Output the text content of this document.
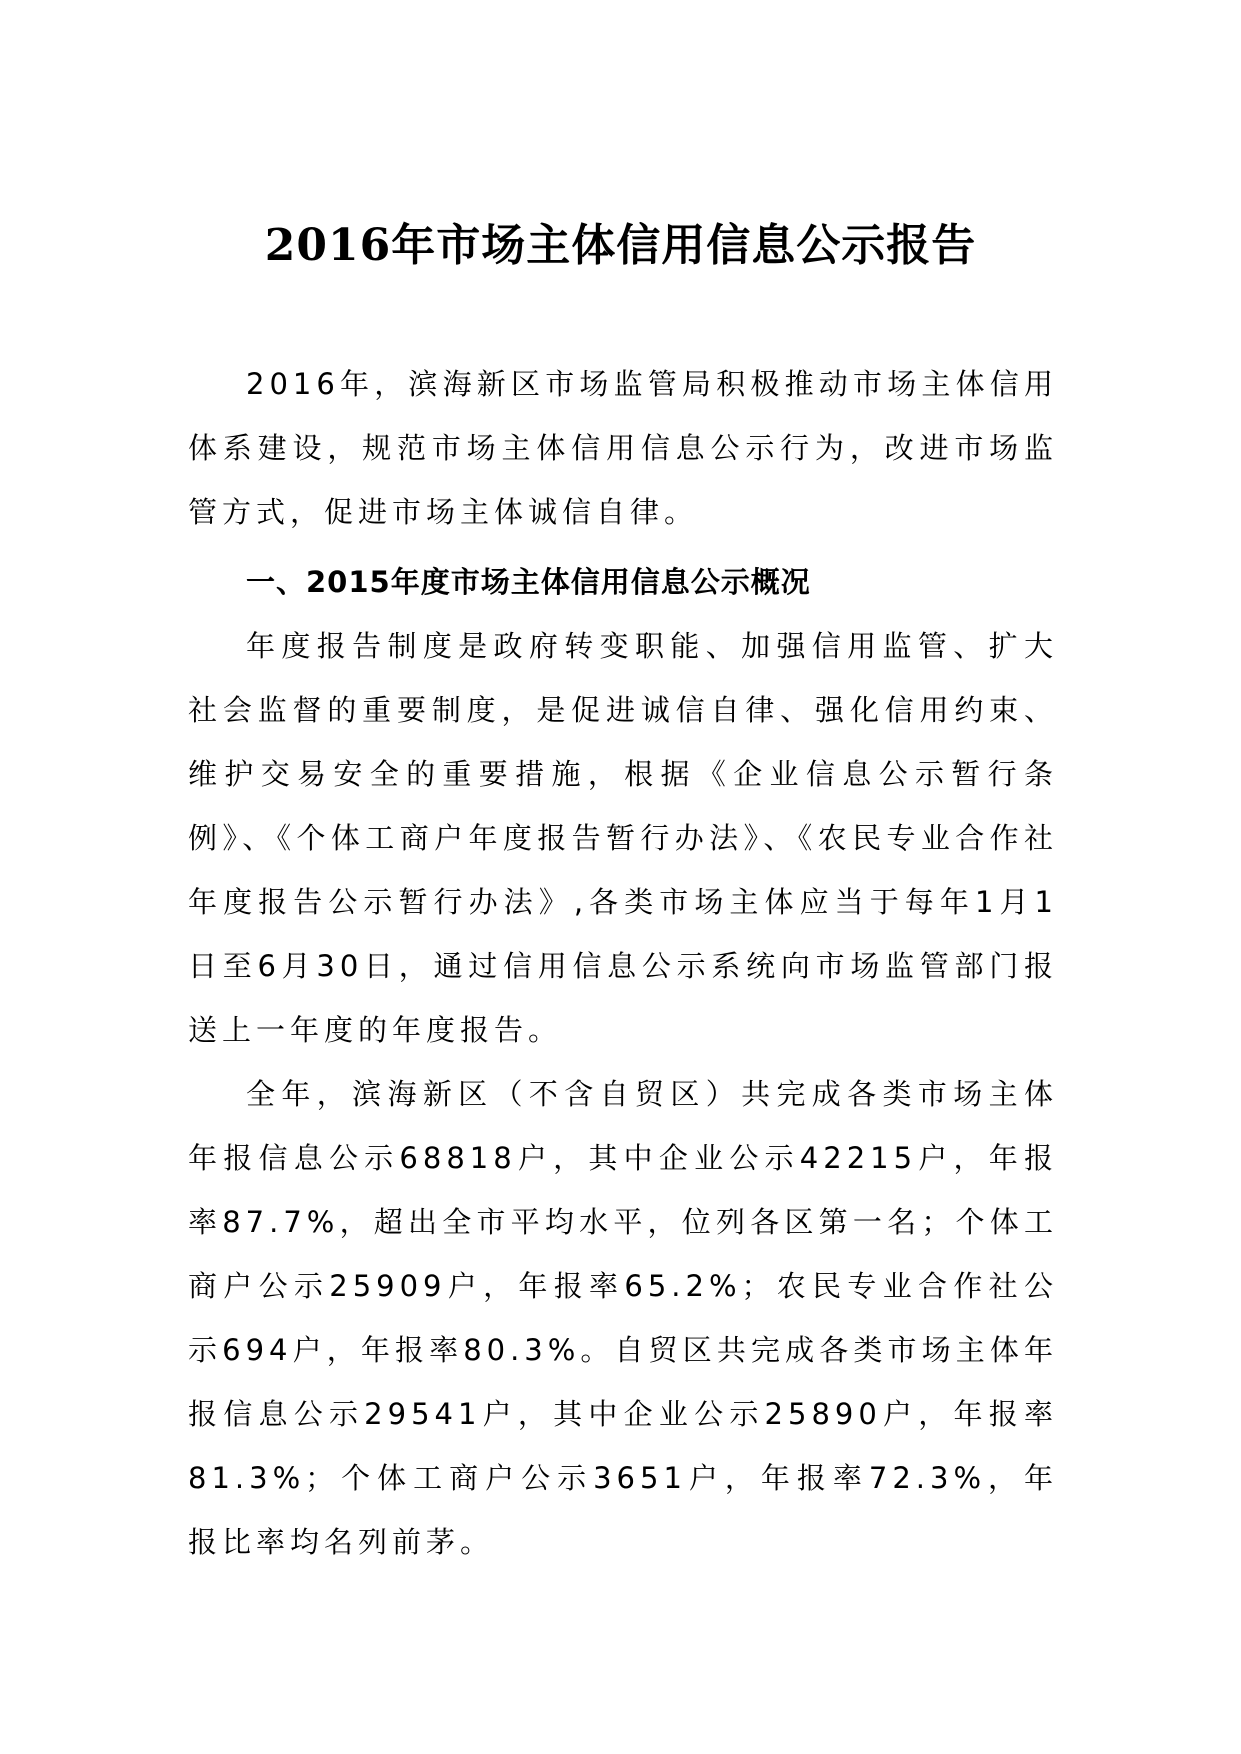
2016年市场主体信用信息公示报告

2016年，滨海新区市场监管局积极推动市场主体信用体系建设，规范市场主体信用信息公示行为，改进市场监管方式，促进市场主体诚信自律。

一、2015年度市场主体信用信息公示概况

年度报告制度是政府转变职能、加强信用监管、扩大社会监督的重要制度，是促进诚信自律、强化信用约束、维护交易安全的重要措施，根据《企业信息公示暂行条例》、《个体工商户年度报告暂行办法》、《农民专业合作社年度报告公示暂行办法》,各类市场主体应当于每年1月1日至6月30日，通过信用信息公示系统向市场监管部门报送上一年度的年度报告。

全年，滨海新区（不含自贸区）共完成各类市场主体年报信息公示68818户，其中企业公示42215户，年报率87.7%，超出全市平均水平，位列各区第一名；个体工商户公示25909户，年报率65.2%；农民专业合作社公示694户，年报率80.3%。自贸区共完成各类市场主体年报信息公示29541户，其中企业公示25890户，年报率81.3%；个体工商户公示3651户，年报率72.3%，年报比率均名列前茅。
